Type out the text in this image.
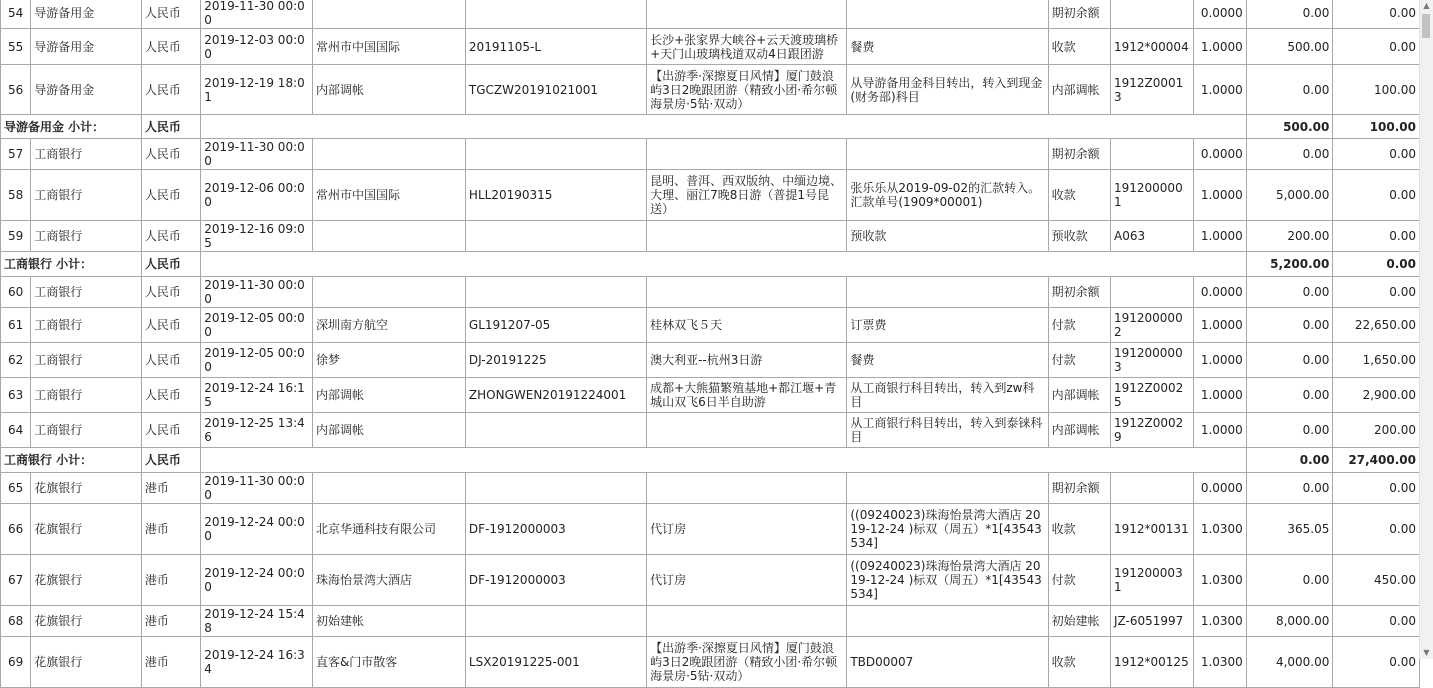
54	导游备用金	人民币	2019-11-30 00:00					期初余额		0.0000	0.00	0.00
55	导游备用金	人民币	2019-12-03 00:00	常州市中国国际	20191105-L	长沙+张家界大峡谷+云天渡玻璃桥+天门山玻璃栈道双动4日跟团游	餐费	收款	1912*00004	1.0000	500.00	0.00
56	导游备用金	人民币	2019-12-19 18:01	内部调帐	TGCZW20191021001	【出游季·深擦夏日风情】厦门鼓浪屿3日2晚跟团游（精致小团·希尔顿海景房·5钻·双动）	从导游备用金科目转出，转入到现金(财务部)科目	内部调帐	1912Z00013	1.0000	0.00	100.00
导游备用金 小计：		人民币									500.00	100.00
57	工商银行	人民币	2019-11-30 00:00					期初余额		0.0000	0.00	0.00
58	工商银行	人民币	2019-12-06 00:00	常州市中国国际	HLL20190315	昆明、普洱、西双版纳、中缅边境、大理、丽江7晚8日游（普提1号昆送）	张乐乐从2019-09-02的汇款转入。汇款单号(1909*00001)	收款	1912000001	1.0000	5,000.00	0.00
59	工商银行	人民币	2019-12-16 09:05				预收款	预收款	A063	1.0000	200.00	0.00
工商银行 小计：		人民币									5,200.00	0.00
60	工商银行	人民币	2019-11-30 00:00					期初余额		0.0000	0.00	0.00
61	工商银行	人民币	2019-12-05 00:00	深圳南方航空	GL191207-05	桂林双飞５天	订票费	付款	1912000002	1.0000	0.00	22,650.00
62	工商银行	人民币	2019-12-05 00:00	徐梦	DJ-20191225	澳大利亚--杭州3日游	餐费	付款	1912000003	1.0000	0.00	1,650.00
63	工商银行	人民币	2019-12-24 16:15	内部调帐	ZHONGWEN20191224001	成都+大熊猫繁殖基地+都江堰+青城山双飞6日半自助游	从工商银行科目转出，转入到zw科目	内部调帐	1912Z00025	1.0000	0.00	2,900.00
64	工商银行	人民币	2019-12-25 13:46	内部调帐			从工商银行科目转出，转入到泰铼科目	内部调帐	1912Z00029	1.0000	0.00	200.00
工商银行 小计：		人民币									0.00	27,400.00
65	花旗银行	港币	2019-11-30 00:00					期初余额		0.0000	0.00	0.00
66	花旗银行	港币	2019-12-24 00:00	北京华通科技有限公司	DF-1912000003	代订房	((09240023)珠海怡景湾大酒店 2019-12-24 )标双（周五）*1[43543534]	收款	1912*00131	1.0300	365.05	0.00
67	花旗银行	港币	2019-12-24 00:00	珠海怡景湾大酒店	DF-1912000003	代订房	((09240023)珠海怡景湾大酒店 2019-12-24 )标双（周五）*1[43543534]	付款	1912000031	1.0300	0.00	450.00
68	花旗银行	港币	2019-12-24 15:48	初始建帐				初始建帐	JZ-6051997	1.0300	8,000.00	0.00
69	花旗银行	港币	2019-12-24 16:34	直客&门市散客	LSX20191225-001	【出游季·深擦夏日风情】厦门鼓浪屿3日2晚跟团游（精致小团·希尔顿海景房·5钻·双动）	TBD00007	收款	1912*00125	1.0300	4,000.00	0.00
▲
▼
